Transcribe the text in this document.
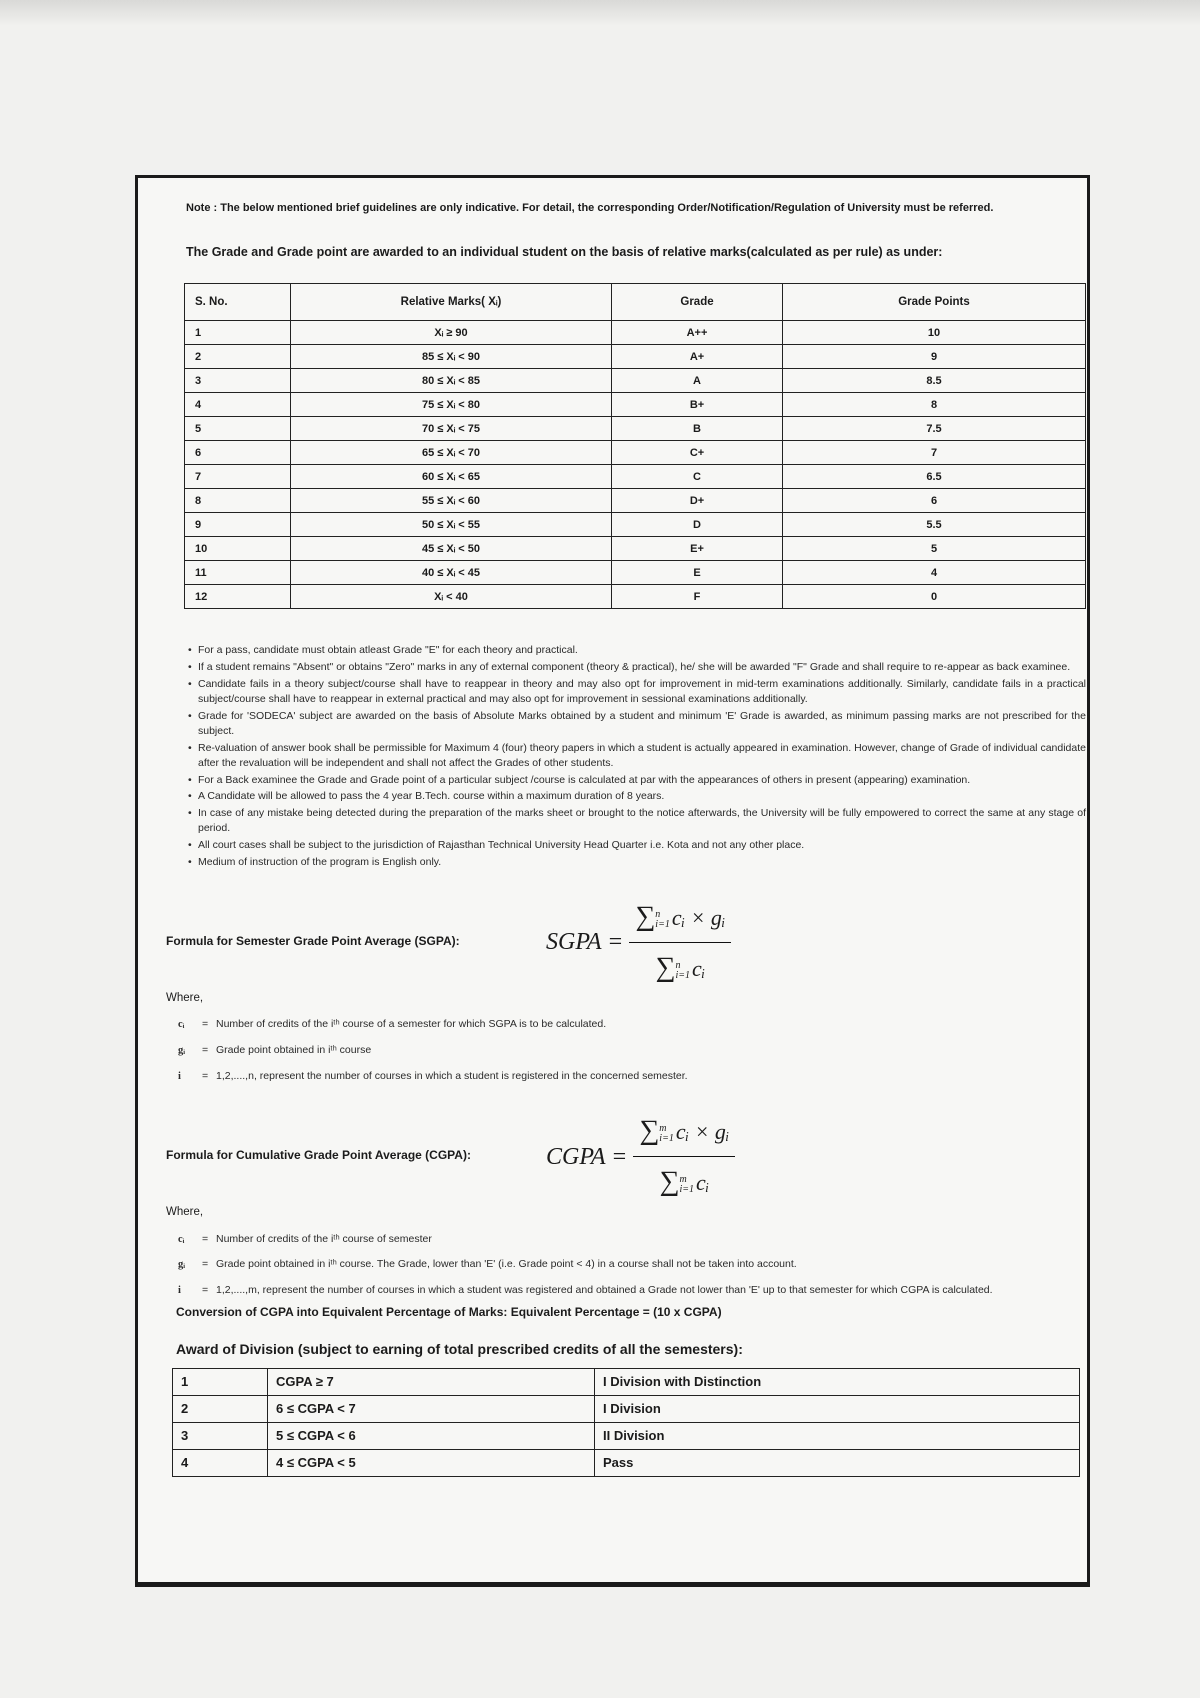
Note : The below mentioned brief guidelines are only indicative. For detail, the corresponding Order/Notification/Regulation of University must be referred.

The Grade and Grade point are awarded to an individual student on the basis of relative marks(calculated as per rule) as under:

S. No.	Relative Marks( Xᵢ)	Grade	Grade Points
1	Xᵢ ≥ 90	A++	10
2	85 ≤ Xᵢ < 90	A+	9
3	80 ≤ Xᵢ < 85	A	8.5
4	75 ≤ Xᵢ < 80	B+	8
5	70 ≤ Xᵢ < 75	B	7.5
6	65 ≤ Xᵢ < 70	C+	7
7	60 ≤ Xᵢ < 65	C	6.5
8	55 ≤ Xᵢ < 60	D+	6
9	50 ≤ Xᵢ < 55	D	5.5
10	45 ≤ Xᵢ < 50	E+	5
11	40 ≤ Xᵢ < 45	E	4
12	Xᵢ < 40	F	0
• For a pass, candidate must obtain atleast Grade "E" for each theory and practical.
• If a student remains "Absent" or obtains "Zero" marks in any of external component (theory & practical), he/ she will be awarded "F" Grade and shall require to re-appear as back examinee.
• Candidate fails in a theory subject/course shall have to reappear in theory and may also opt for improvement in mid-term examinations additionally. Similarly, candidate fails in a practical subject/course shall have to reappear in external practical and may also opt for improvement in sessional examinations additionally.
• Grade for 'SODECA' subject are awarded on the basis of Absolute Marks obtained by a student and minimum 'E' Grade is awarded, as minimum passing marks are not prescribed for the subject.
• Re-valuation of answer book shall be permissible for Maximum 4 (four) theory papers in which a student is actually appeared in examination. However, change of Grade of individual candidate after the revaluation will be independent and shall not affect the Grades of other students.
• For a Back examinee the Grade and Grade point of a particular subject /course is calculated at par with the appearances of others in present (appearing) examination.
• A Candidate will be allowed to pass the 4 year B.Tech. course within a maximum duration of 8 years.
• In case of any mistake being detected during the preparation of the marks sheet or brought to the notice afterwards, the University will be fully empowered to correct the same at any stage of period.
• All court cases shall be subject to the jurisdiction of Rajasthan Technical University Head Quarter i.e. Kota and not any other place.
• Medium of instruction of the program is English only.
Formula for Semester Grade Point Average (SGPA):	SGPA = ∑ n
i=1 cᵢ × gᵢ
∑ n
i=1 cᵢ
Where,
cᵢ	= Number of credits of the iᵗʰ course of a semester for which SGPA is to be calculated.
gᵢ	= Grade point obtained in iᵗʰ course
i	= 1,2,....,n, represent the number of courses in which a student is registered in the concerned semester.
Formula for Cumulative Grade Point Average (CGPA):	CGPA = ∑ m
i=1 cᵢ × gᵢ
∑ m
i=1 cᵢ
Where,
cᵢ	= Number of credits of the iᵗʰ course of semester
gᵢ	= Grade point obtained in iᵗʰ course. The Grade, lower than 'E' (i.e. Grade point < 4) in a course shall not be taken into account.
i	= 1,2,....,m, represent the number of courses in which a student was registered and obtained a Grade not lower than 'E' up to that semester for which CGPA is calculated.
Conversion of CGPA into Equivalent Percentage of Marks: Equivalent Percentage = (10 x CGPA)
Award of Division (subject to earning of total prescribed credits of all the semesters):
1	CGPA ≥ 7	I Division with Distinction
2	6 ≤ CGPA < 7	I Division
3	5 ≤ CGPA < 6	II Division
4	4 ≤ CGPA < 5	Pass
